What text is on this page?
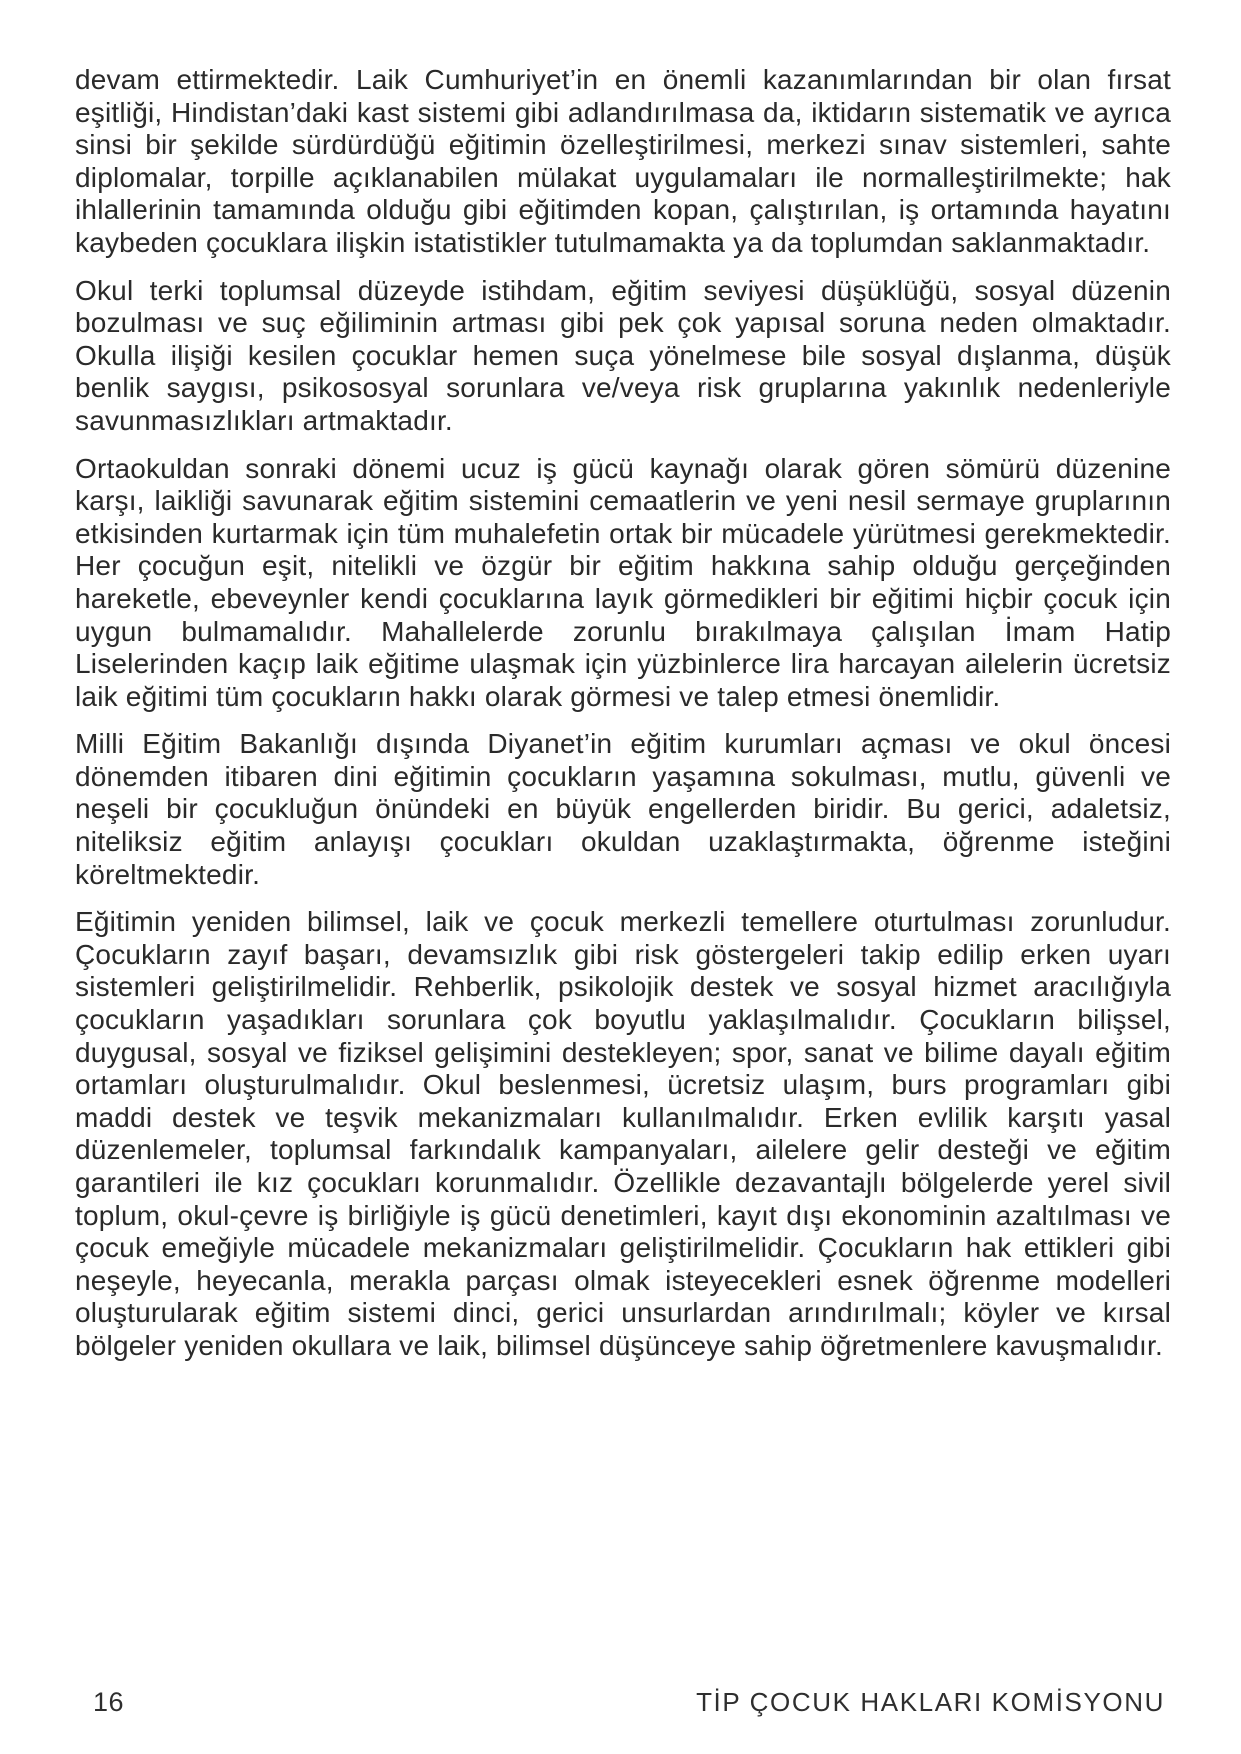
devam ettirmektedir. Laik Cumhuriyet’in en önemli kazanımlarından bir olan fırsat eşitliği, Hindistan’daki kast sistemi gibi adlandırılmasa da, iktidarın sistematik ve ayrıca sinsi bir şekilde sürdürdüğü eğitimin özelleştirilmesi, merkezi sınav sistemleri, sahte diplomalar, torpille açıklanabilen mülakat uygulamaları ile normalleştirilmekte; hak ihlallerinin tamamında olduğu gibi eğitimden kopan, çalıştırılan, iş ortamında hayatını kaybeden çocuklara ilişkin istatistikler tutulmamakta ya da toplumdan saklanmaktadır.

Okul terki toplumsal düzeyde istihdam, eğitim seviyesi düşüklüğü, sosyal düzenin bozulması ve suç eğiliminin artması gibi pek çok yapısal soruna neden olmaktadır. Okulla ilişiği kesilen çocuklar hemen suça yönelmese bile sosyal dışlanma, düşük benlik saygısı, psikososyal sorunlara ve/veya risk gruplarına yakınlık nedenleriyle savunmasızlıkları artmaktadır.

Ortaokuldan sonraki dönemi ucuz iş gücü kaynağı olarak gören sömürü düzenine karşı, laikliği savunarak eğitim sistemini cemaatlerin ve yeni nesil sermaye gruplarının etkisinden kurtarmak için tüm muhalefetin ortak bir mücadele yürütmesi gerekmektedir. Her çocuğun eşit, nitelikli ve özgür bir eğitim hakkına sahip olduğu gerçeğinden hareketle, ebeveynler kendi çocuklarına layık görmedikleri bir eğitimi hiçbir çocuk için uygun bulmamalıdır. Mahallelerde zorunlu bırakılmaya çalışılan İmam Hatip Liselerinden kaçıp laik eğitime ulaşmak için yüzbinlerce lira harcayan ailelerin ücretsiz laik eğitimi tüm çocukların hakkı olarak görmesi ve talep etmesi önemlidir.

Milli Eğitim Bakanlığı dışında Diyanet’in eğitim kurumları açması ve okul öncesi dönemden itibaren dini eğitimin çocukların yaşamına sokulması, mutlu, güvenli ve neşeli bir çocukluğun önündeki en büyük engellerden biridir. Bu gerici, adaletsiz, niteliksiz eğitim anlayışı çocukları okuldan uzaklaştırmakta, öğrenme isteğini köreltmektedir.

Eğitimin yeniden bilimsel, laik ve çocuk merkezli temellere oturtulması zorunludur. Çocukların zayıf başarı, devamsızlık gibi risk göstergeleri takip edilip erken uyarı sistemleri geliştirilmelidir. Rehberlik, psikolojik destek ve sosyal hizmet aracılığıyla çocukların yaşadıkları sorunlara çok boyutlu yaklaşılmalıdır. Çocukların bilişsel, duygusal, sosyal ve fiziksel gelişimini destekleyen; spor, sanat ve bilime dayalı eğitim ortamları oluşturulmalıdır. Okul beslenmesi, ücretsiz ulaşım, burs programları gibi maddi destek ve teşvik mekanizmaları kullanılmalıdır. Erken evlilik karşıtı yasal düzenlemeler, toplumsal farkındalık kampanyaları, ailelere gelir desteği ve eğitim garantileri ile kız çocukları korunmalıdır. Özellikle dezavantajlı bölgelerde yerel sivil toplum, okul-çevre iş birliğiyle iş gücü denetimleri, kayıt dışı ekonominin azaltılması ve çocuk emeğiyle mücadele mekanizmaları geliştirilmelidir. Çocukların hak ettikleri gibi neşeyle, heyecanla, merakla parçası olmak isteyecekleri esnek öğrenme modelleri oluşturularak eğitim sistemi dinci, gerici unsurlardan arındırılmalı; köyler ve kırsal bölgeler yeniden okullara ve laik, bilimsel düşünceye sahip öğretmenlere kavuşmalıdır.

16	TİP ÇOCUK HAKLARI KOMİSYONU
